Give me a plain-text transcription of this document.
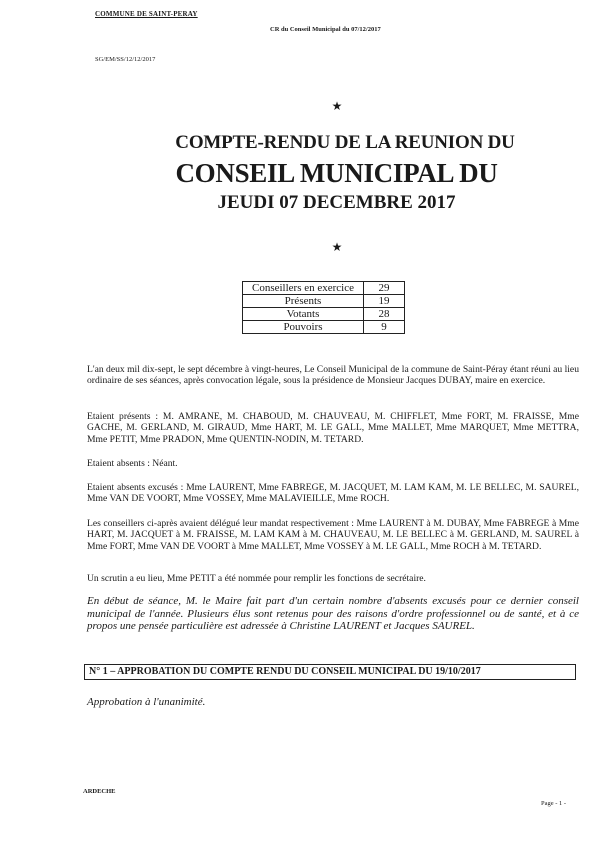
COMMUNE DE SAINT-PERAY
CR du Conseil Municipal du 07/12/2017
SG/EM/SS/12/12/2017
★
COMPTE-RENDU DE LA REUNION DU
CONSEIL MUNICIPAL DU
JEUDI 07 DECEMBRE 2017
★
Conseillers en exercice	29
Présents	19
Votants	28
Pouvoirs	9
L'an deux mil dix-sept, le sept décembre à vingt-heures, Le Conseil Municipal de la commune de Saint-Péray étant réuni au lieu ordinaire de ses séances, après convocation légale, sous la présidence de Monsieur Jacques DUBAY, maire en exercice.
Etaient présents : M. AMRANE, M. CHABOUD, M. CHAUVEAU, M. CHIFFLET, Mme FORT, M. FRAISSE, Mme GACHE, M. GERLAND, M. GIRAUD, Mme HART, M. LE GALL, Mme MALLET, Mme MARQUET, Mme METTRA, Mme PETIT, Mme PRADON, Mme QUENTIN-NODIN, M. TETARD.
Etaient absents : Néant.
Etaient absents excusés : Mme LAURENT, Mme FABREGE, M. JACQUET, M. LAM KAM, M. LE BELLEC, M. SAUREL, Mme VAN DE VOORT, Mme VOSSEY, Mme MALAVIEILLE, Mme ROCH.
Les conseillers ci-après avaient délégué leur mandat respectivement : Mme LAURENT à M. DUBAY, Mme FABREGE à Mme HART, M. JACQUET à M. FRAISSE, M. LAM KAM à M. CHAUVEAU, M. LE BELLEC à M. GERLAND, M. SAUREL à Mme FORT, Mme VAN DE VOORT à Mme MALLET, Mme VOSSEY à M. LE GALL, Mme ROCH à M. TETARD.
Un scrutin a eu lieu, Mme PETIT a été nommée pour remplir les fonctions de secrétaire.
En début de séance, M. le Maire fait part d'un certain nombre d'absents excusés pour ce dernier conseil municipal de l'année. Plusieurs élus sont retenus pour des raisons d'ordre professionnel ou de santé, et à ce propos une pensée particulière est adressée à Christine LAURENT et Jacques SAUREL.
N° 1 – APPROBATION DU COMPTE RENDU DU CONSEIL MUNICIPAL DU 19/10/2017
Approbation à l'unanimité.
ARDECHE
Page - 1 -
